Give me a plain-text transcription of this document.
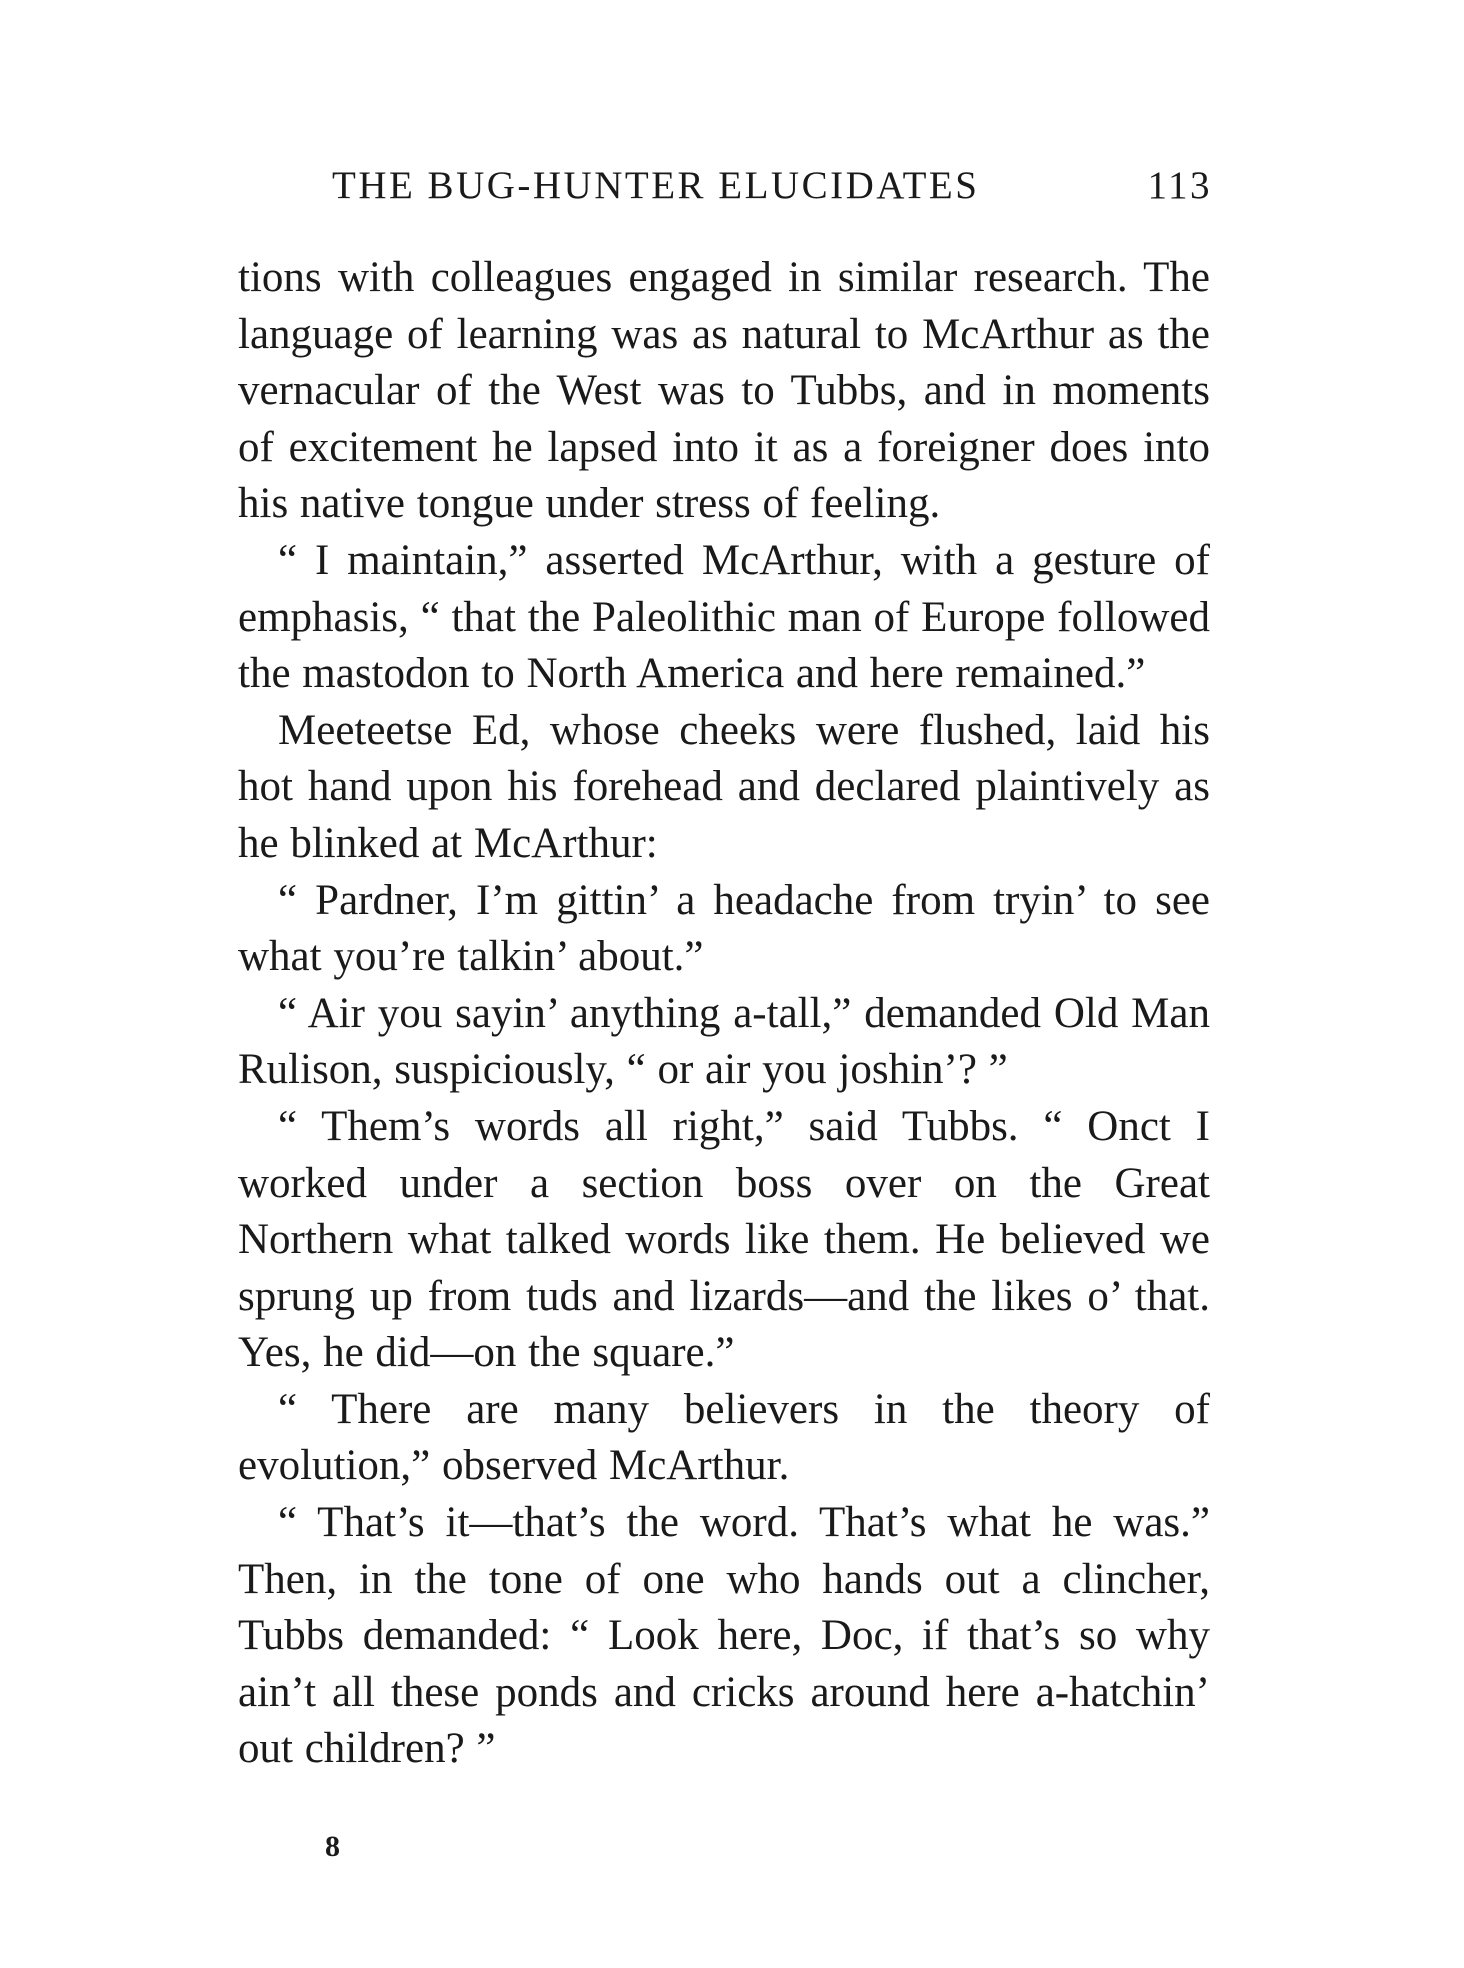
THE BUG-HUNTER ELUCIDATES	113

tions with colleagues engaged in similar research. The language of learning was as natural to McArthur as the vernacular of the West was to Tubbs, and in moments of excitement he lapsed into it as a foreigner does into his native tongue under stress of feeling.

“ I maintain,” asserted McArthur, with a gesture of emphasis, “ that the Paleolithic man of Europe followed the mastodon to North America and here remained.”

Meeteetse Ed, whose cheeks were flushed, laid his hot hand upon his forehead and declared plaintively as he blinked at McArthur:

“ Pardner, I’m gittin’ a headache from tryin’ to see what you’re talkin’ about.”

“ Air you sayin’ anything a-tall,” demanded Old Man Rulison, suspiciously, “ or air you joshin’? ”

“ Them’s words all right,” said Tubbs. “ Onct I worked under a section boss over on the Great Northern what talked words like them. He believed we sprung up from tuds and lizards—and the likes o’ that. Yes, he did—on the square.”

“ There are many believers in the theory of evolution,” observed McArthur.

“ That’s it—that’s the word. That’s what he was.” Then, in the tone of one who hands out a clincher, Tubbs demanded: “ Look here, Doc, if that’s so why ain’t all these ponds and cricks around here a-hatchin’ out children? ”

8
